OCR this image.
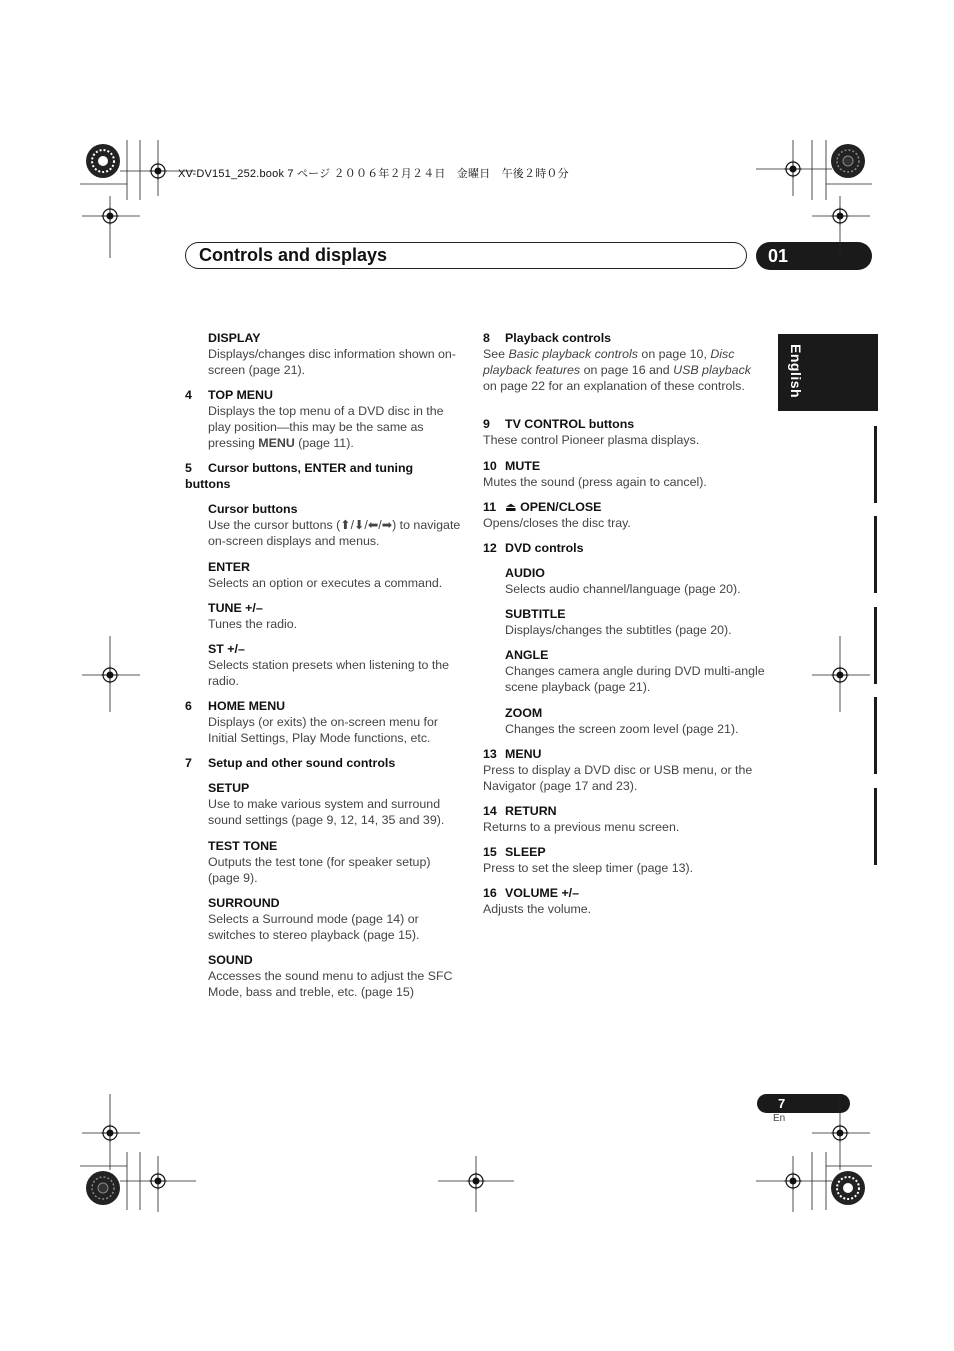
XV-DV151_252.book 7 ページ ２００６年２月２４日　金曜日　午後２時０分
Controls and displays	01
English
DISPLAY
Displays/changes disc information shown on-screen (page 21).
4 TOP MENU
Displays the top menu of a DVD disc in the play position—this may be the same as pressing MENU (page 11).
5 Cursor buttons, ENTER and tuning buttons
Cursor buttons
Use the cursor buttons (⬆/⬇/⬅/➡) to navigate on-screen displays and menus.
ENTER
Selects an option or executes a command.
TUNE +/–
Tunes the radio.
ST +/–
Selects station presets when listening to the radio.
6 HOME MENU
Displays (or exits) the on-screen menu for Initial Settings, Play Mode functions, etc.
7 Setup and other sound controls
SETUP
Use to make various system and surround sound settings (page 9, 12, 14, 35 and 39).
TEST TONE
Outputs the test tone (for speaker setup) (page 9).
SURROUND
Selects a Surround mode (page 14) or switches to stereo playback (page 15).
SOUND
Accesses the sound menu to adjust the SFC Mode, bass and treble, etc. (page 15)
8 Playback controls
See Basic playback controls on page 10, Disc playback features on page 16 and USB playback on page 22 for an explanation of these controls.
9 TV CONTROL buttons
These control Pioneer plasma displays.
10 MUTE
Mutes the sound (press again to cancel).
11 ⏏ OPEN/CLOSE
Opens/closes the disc tray.
12 DVD controls
AUDIO
Selects audio channel/language (page 20).
SUBTITLE
Displays/changes the subtitles (page 20).
ANGLE
Changes camera angle during DVD multi-angle scene playback (page 21).
ZOOM
Changes the screen zoom level (page 21).
13 MENU
Press to display a DVD disc or USB menu, or the Navigator (page 17 and 23).
14 RETURN
Returns to a previous menu screen.
15 SLEEP
Press to set the sleep timer (page 13).
16 VOLUME +/–
Adjusts the volume.
7
En
